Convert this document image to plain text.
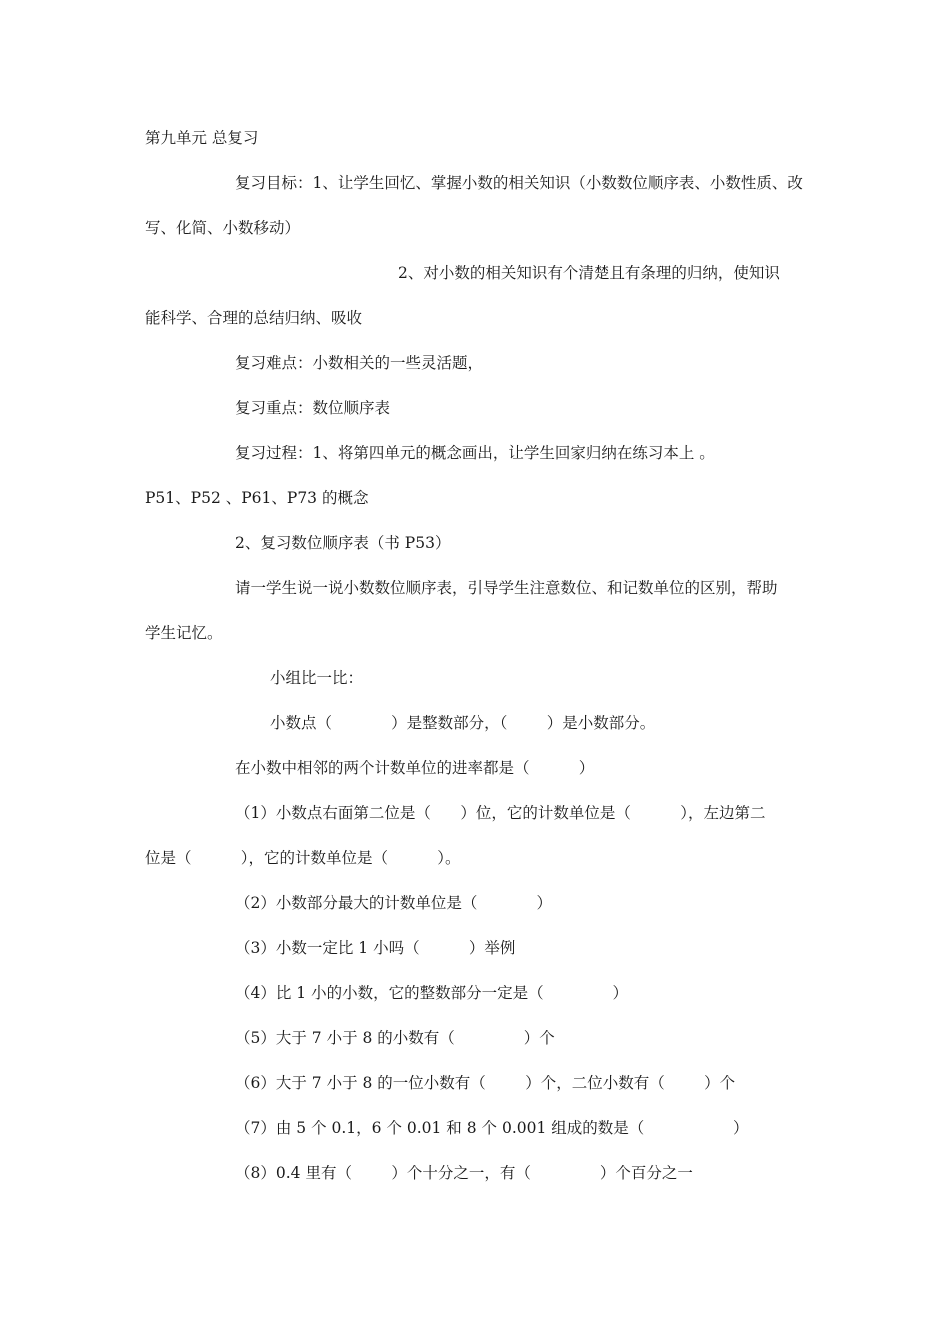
第九单元 总复习
复习目标：1、让学生回忆、掌握小数的相关知识（小数数位顺序表、小数性质、改
写、化简、小数移动）
2、对小数的相关知识有个清楚且有条理的归纳，使知识
能科学、合理的总结归纳、吸收
复习难点：小数相关的一些灵活题，
复习重点：数位顺序表
复习过程：1、将第四单元的概念画出，让学生回家归纳在练习本上 。
P51、P52 、P61、P73 的概念
2、复习数位顺序表（书 P53）
请一学生说一说小数数位顺序表，引导学生注意数位、和记数单位的区别，帮助
学生记忆。
小组比一比：
小数点（            ）是整数部分，（        ）是小数部分。
在小数中相邻的两个计数单位的进率都是（          ）
（1）小数点右面第二位是（      ）位，它的计数单位是（          ），左边第二
位是（          ），它的计数单位是（          ）。
（2）小数部分最大的计数单位是（            ）
（3）小数一定比 1 小吗（          ）举例
（4）比 1 小的小数，它的整数部分一定是（              ）
（5）大于 7 小于 8 的小数有（              ）个
（6）大于 7 小于 8 的一位小数有（        ）个，二位小数有（        ）个
（7）由 5 个 0.1，6 个 0.01 和 8 个 0.001 组成的数是（                  ）
（8）0.4 里有（        ）个十分之一，有（              ）个百分之一
